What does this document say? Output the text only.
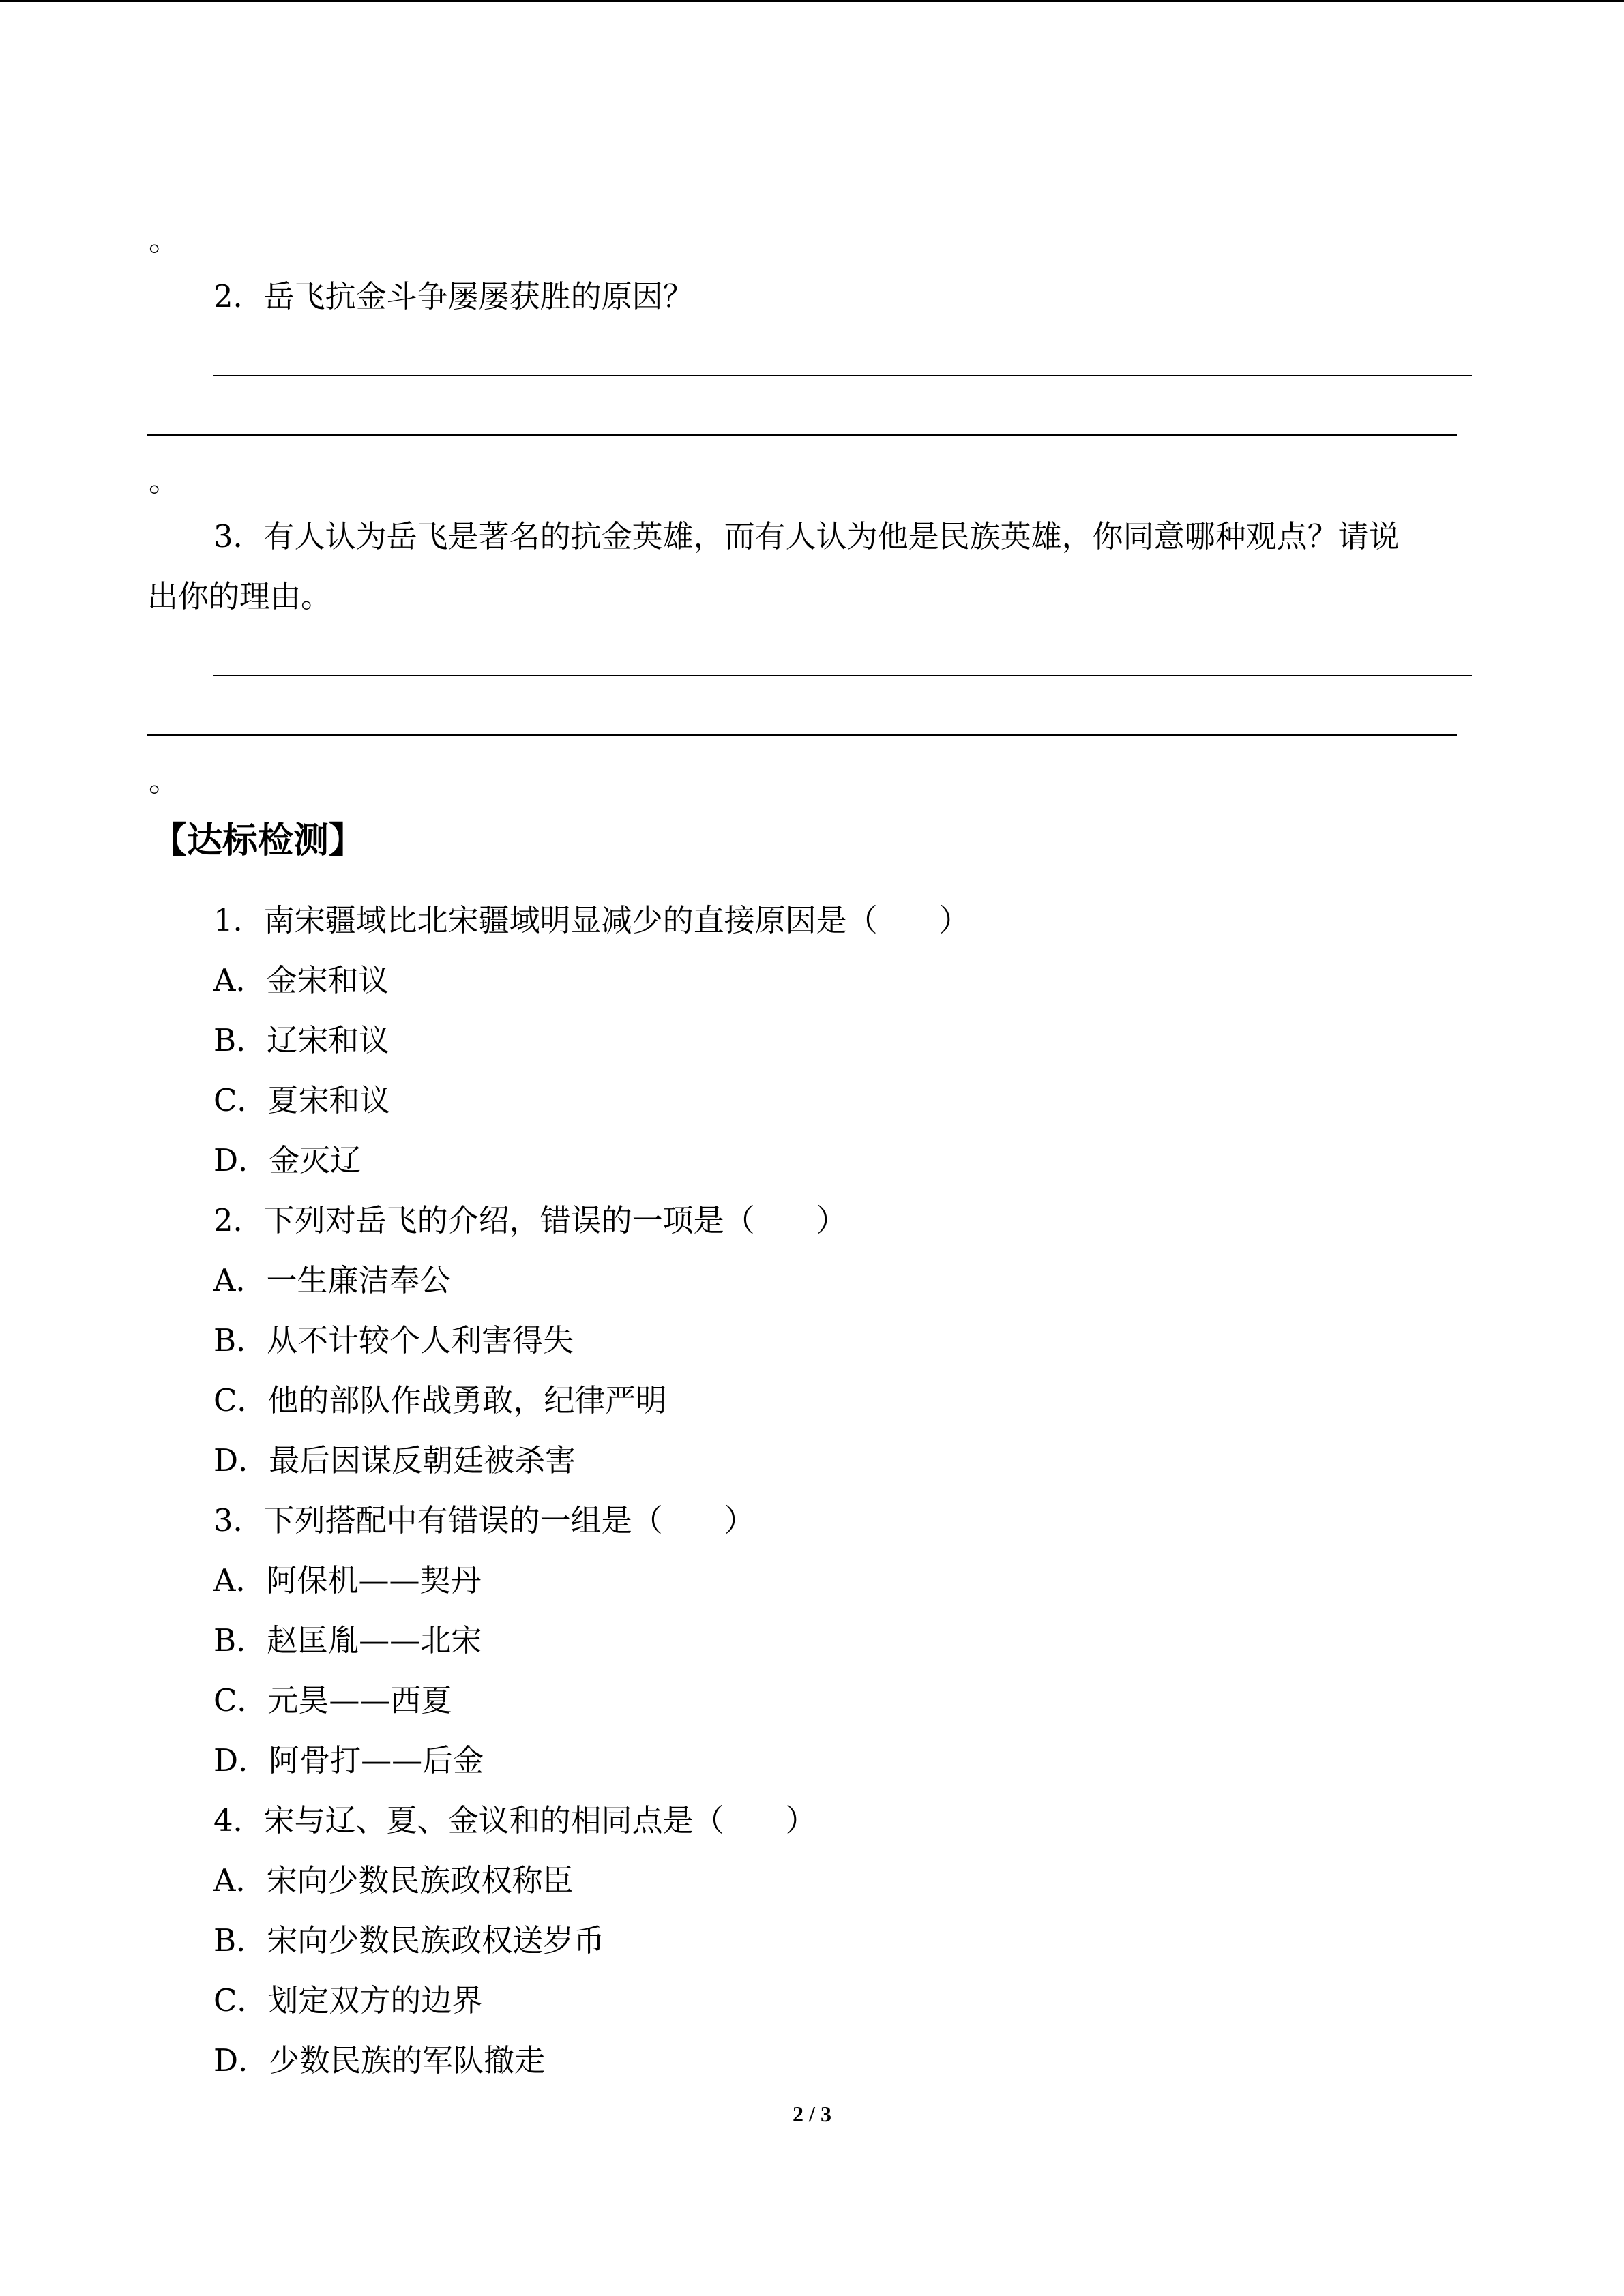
。
2．岳飞抗金斗争屡屡获胜的原因？
。
3．有人认为岳飞是著名的抗金英雄，而有人认为他是民族英雄，你同意哪种观点？请说
出你的理由。
。
【达标检测】
1．南宋疆域比北宋疆域明显减少的直接原因是（　　）
A．金宋和议
B．辽宋和议
C．夏宋和议
D．金灭辽
2．下列对岳飞的介绍，错误的一项是（　　）
A．一生廉洁奉公
B．从不计较个人利害得失
C．他的部队作战勇敢，纪律严明
D．最后因谋反朝廷被杀害
3．下列搭配中有错误的一组是（　　）
A．阿保机——契丹
B．赵匡胤——北宋
C．元昊——西夏
D．阿骨打——后金
4．宋与辽、夏、金议和的相同点是（　　）
A．宋向少数民族政权称臣
B．宋向少数民族政权送岁币
C．划定双方的边界
D．少数民族的军队撤走
2 / 3
